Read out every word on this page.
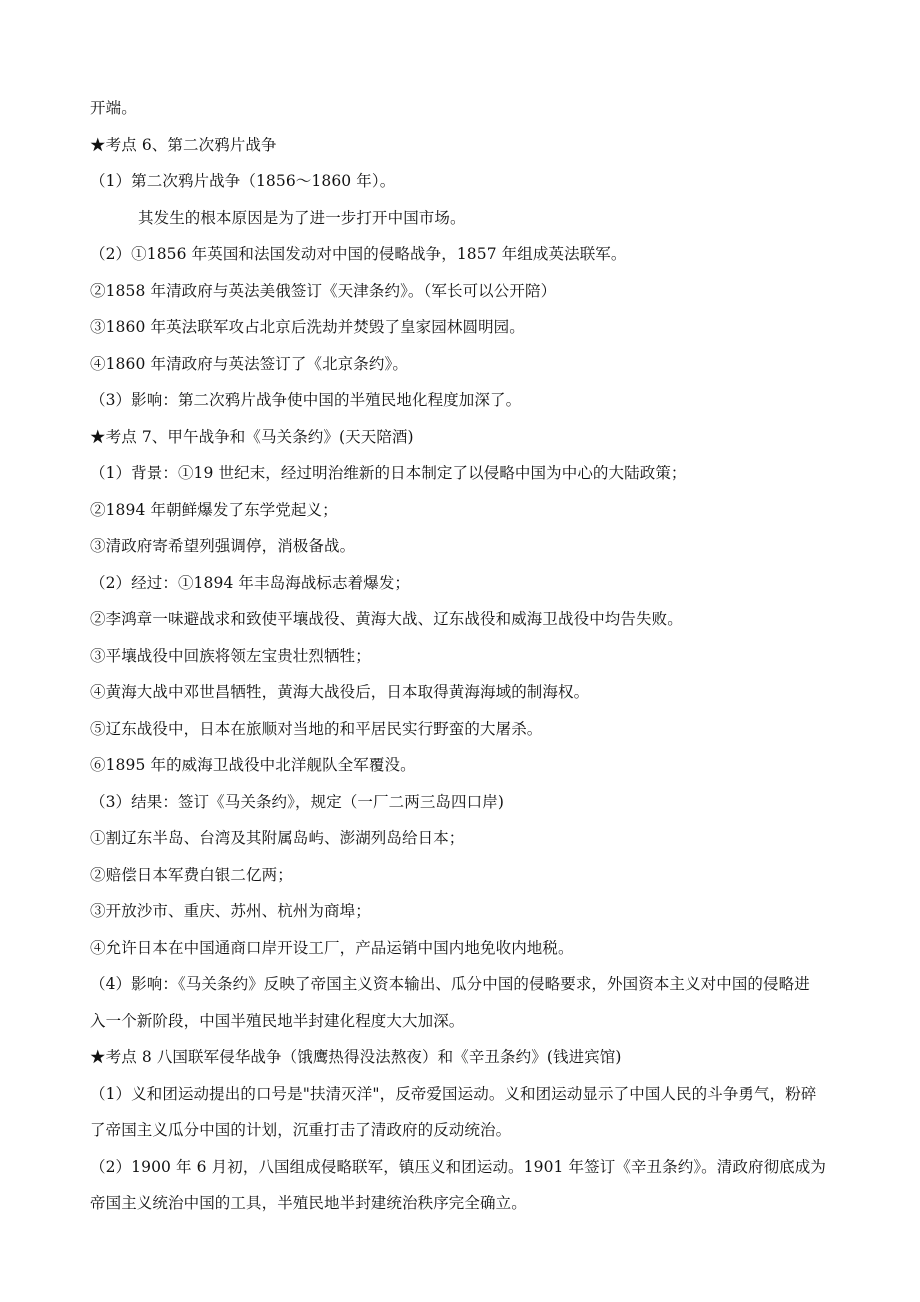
开端。
★考点 6、第二次鸦片战争
（1）第二次鸦片战争（1856～1860 年）。
其发生的根本原因是为了进一步打开中国市场。
（2）①1856 年英国和法国发动对中国的侵略战争，1857 年组成英法联军。
②1858 年清政府与英法美俄签订《天津条约》。（军长可以公开陪）
③1860 年英法联军攻占北京后洗劫并焚毁了皇家园林圆明园。
④1860 年清政府与英法签订了《北京条约》。
（3）影响：第二次鸦片战争使中国的半殖民地化程度加深了。
★考点 7、甲午战争和《马关条约》(天天陪酒)
（1）背景：①19 世纪末，经过明治维新的日本制定了以侵略中国为中心的大陆政策；
②1894 年朝鲜爆发了东学党起义；
③清政府寄希望列强调停，消极备战。
（2）经过：①1894 年丰岛海战标志着爆发；
②李鸿章一味避战求和致使平壤战役、黄海大战、辽东战役和威海卫战役中均告失败。
③平壤战役中回族将领左宝贵壮烈牺牲；
④黄海大战中邓世昌牺牲，黄海大战役后，日本取得黄海海域的制海权。
⑤辽东战役中，日本在旅顺对当地的和平居民实行野蛮的大屠杀。
⑥1895 年的威海卫战役中北洋舰队全军覆没。
（3）结果：签订《马关条约》，规定（一厂二两三岛四口岸)
①割辽东半岛、台湾及其附属岛屿、澎湖列岛给日本；
②赔偿日本军费白银二亿两；
③开放沙市、重庆、苏州、杭州为商埠；
④允许日本在中国通商口岸开设工厂，产品运销中国内地免收内地税。
（4）影响：《马关条约》反映了帝国主义资本输出、瓜分中国的侵略要求，外国资本主义对中国的侵略进
入一个新阶段，中国半殖民地半封建化程度大大加深。
★考点 8 八国联军侵华战争（饿鹰热得没法熬夜）和《辛丑条约》(钱进宾馆)
（1）义和团运动提出的口号是"扶清灭洋"，反帝爱国运动。义和团运动显示了中国人民的斗争勇气，粉碎
了帝国主义瓜分中国的计划，沉重打击了清政府的反动统治。
（2）1900 年 6 月初，八国组成侵略联军，镇压义和团运动。1901 年签订《辛丑条约》。清政府彻底成为
帝国主义统治中国的工具，半殖民地半封建统治秩序完全确立。
